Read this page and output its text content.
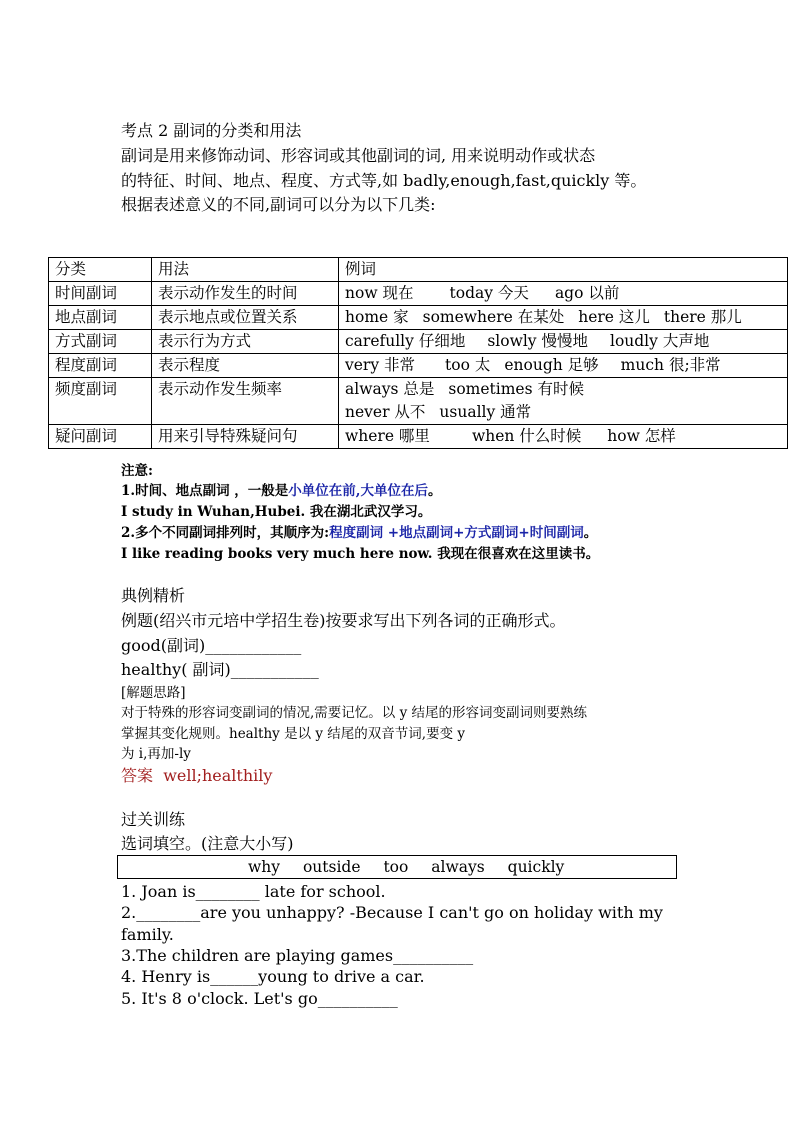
考点 2 副词的分类和用法
副词是用来修饰动词、形容词或其他副词的词, 用来说明动作或状态
的特征、时间、地点、程度、方式等,如 badly,enough,fast,quickly 等。
根据表述意义的不同,副词可以分为以下几类:
分类	用法	例词
时间副词	表示动作发生的时间	now 现在 today 今天 ago 以前
地点副词	表示地点或位置关系	home 家 somewhere 在某处 here 这儿 there 那儿
方式副词	表示行为方式	carefully 仔细地 slowly 慢慢地 loudly 大声地
程度副词	表示程度	very 非常 too 太 enough 足够 much 很;非常
频度副词	表示动作发生频率	always 总是 sometimes 有时候
never 从不 usually 通常

疑问副词	用来引导特殊疑问句	where 哪里 when 什么时候 how 怎样
注意:
1.时间、地点副词 ，一般是小单位在前,大单位在后。
I study in Wuhan,Hubei. 我在湖北武汉学习。
2.多个不同副词排列时，其顺序为:程度副词 +地点副词+方式副词+时间副词。
I like reading books very much here now. 我现在很喜欢在这里读书。
典例精析
例题(绍兴市元培中学招生卷)按要求写出下列各词的正确形式。
good(副词)____________
healthy( 副词)___________
[解题思路]
对于特殊的形容词变副词的情况,需要记忆。以 y 结尾的形容词变副词则要熟练
掌握其变化规则。healthy 是以 y 结尾的双音节词,要变 y
为 i,再加-ly
答案 well;healthily
过关训练
选词填空。(注意大小写)
why outside too always quickly
1. Joan is________ late for school.
2.________are you unhappy? -Because I can't go on holiday with my
family.
3.The children are playing games__________
4. Henry is______young to drive a car.
5. It's 8 o'clock. Let's go__________
